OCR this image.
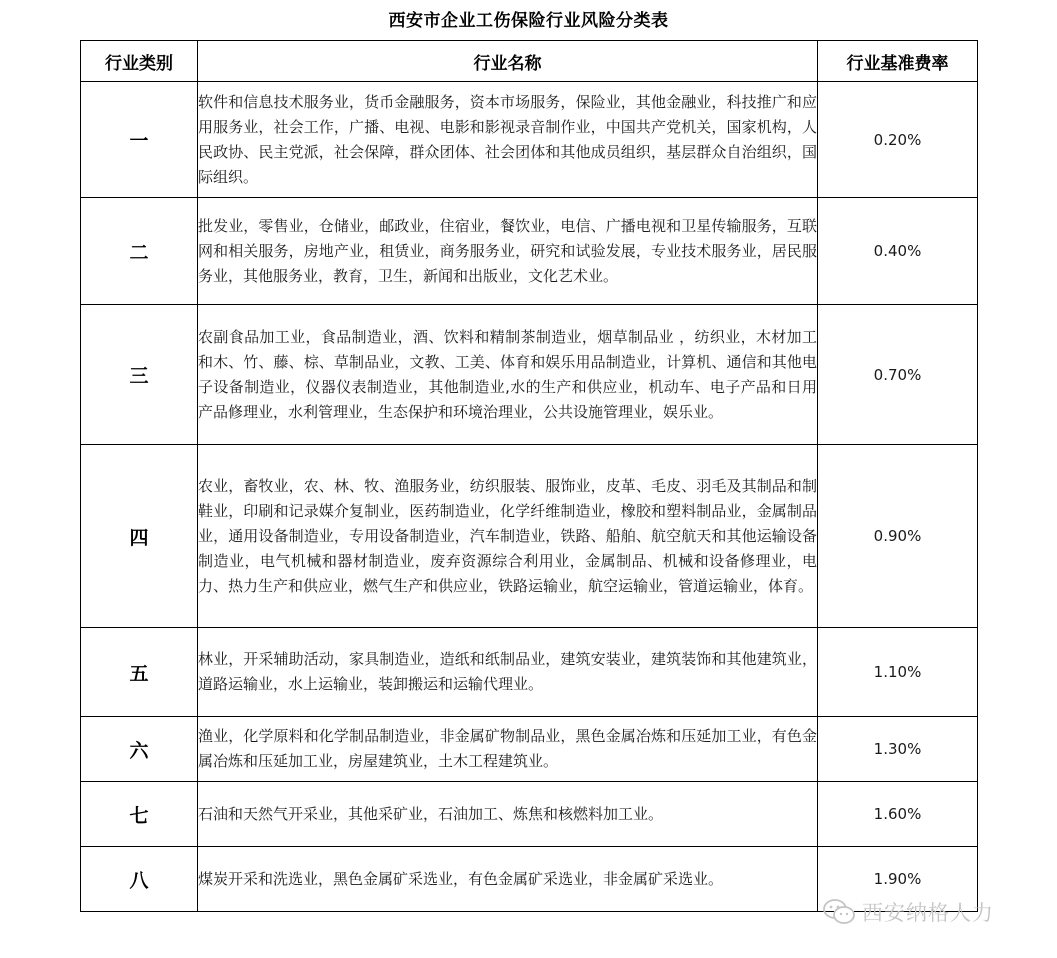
西安市企业工伤保险行业风险分类表
行业类别	行业名称	行业基准费率
一	软件和信息技术服务业，货币金融服务，资本市场服务，保险业，其他金融业，科技推广和应用服务业，社会工作，广播、电视、电影和影视录音制作业，中国共产党机关，国家机构，人民政协、民主党派，社会保障，群众团体、社会团体和其他成员组织，基层群众自治组织，国际组织。	0.20%
二	批发业，零售业，仓储业，邮政业，住宿业，餐饮业，电信、广播电视和卫星传输服务，互联网和相关服务，房地产业，租赁业，商务服务业，研究和试验发展，专业技术服务业，居民服务业，其他服务业，教育，卫生，新闻和出版业，文化艺术业。	0.40%
三	农副食品加工业，食品制造业，酒、饮料和精制茶制造业，烟草制品业 ，纺织业，木材加工和木、竹、藤、棕、草制品业，文教、工美、体育和娱乐用品制造业，计算机、通信和其他电子设备制造业，仪器仪表制造业，其他制造业,水的生产和供应业，机动车、电子产品和日用产品修理业，水利管理业，生态保护和环境治理业，公共设施管理业，娱乐业。	0.70%
四	农业，畜牧业，农、林、牧、渔服务业，纺织服装、服饰业，皮革、毛皮、羽毛及其制品和制鞋业，印刷和记录媒介复制业，医药制造业，化学纤维制造业，橡胶和塑料制品业，金属制品业，通用设备制造业，专用设备制造业，汽车制造业，铁路、船舶、航空航天和其他运输设备制造业，电气机械和器材制造业，废弃资源综合利用业，金属制品、机械和设备修理业，电力、热力生产和供应业，燃气生产和供应业，铁路运输业，航空运输业，管道运输业，体育。	0.90%
五	林业，开采辅助活动，家具制造业，造纸和纸制品业，建筑安装业，建筑装饰和其他建筑业，道路运输业，水上运输业，装卸搬运和运输代理业。	1.10%
六	渔业，化学原料和化学制品制造业，非金属矿物制品业，黑色金属冶炼和压延加工业，有色金属冶炼和压延加工业，房屋建筑业，土木工程建筑业。	1.30%
七	石油和天然气开采业，其他采矿业，石油加工、炼焦和核燃料加工业。	1.60%
八	煤炭开采和洗选业，黑色金属矿采选业，有色金属矿采选业，非金属矿采选业。	1.90%
西安纳格人力
